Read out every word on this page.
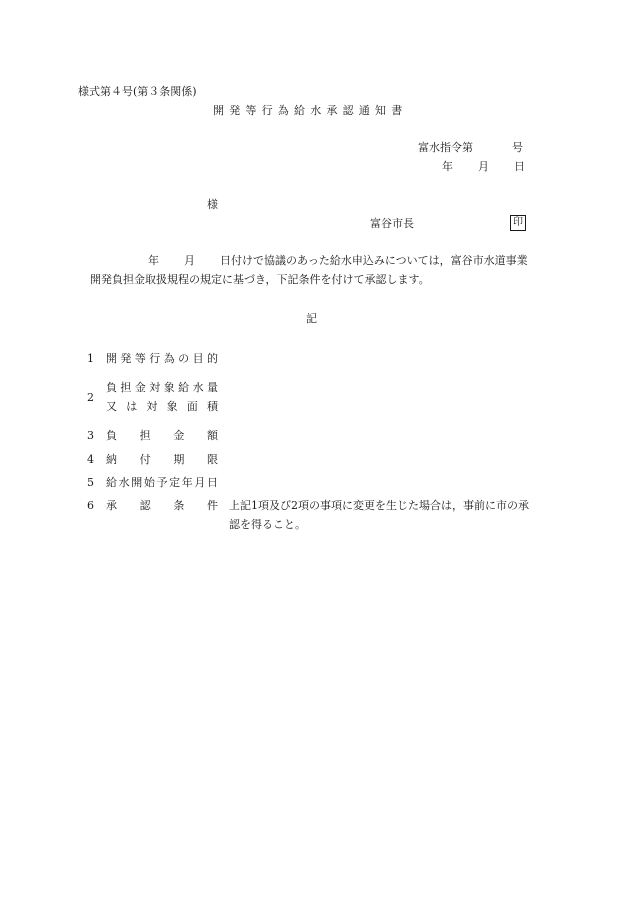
様式第４号(第３条関係)
開発等行為給水承認通知書
富水指令第	号
年 月 日
様
富谷市長	印
年 月 日付けで協議のあった給水申込みについては，富谷市水道事業
開発負担金取扱規程の規定に基づき，下記条件を付けて承認します。
記
1 開発等行為の目的
2
負担金対象給水量
又は対象面積
3 負担金額
4 納付期限
5 給水開始予定年月日
6 承認条件
上記1項及び2項の事項に変更を生じた場合は，事前に市の承
認を得ること。
